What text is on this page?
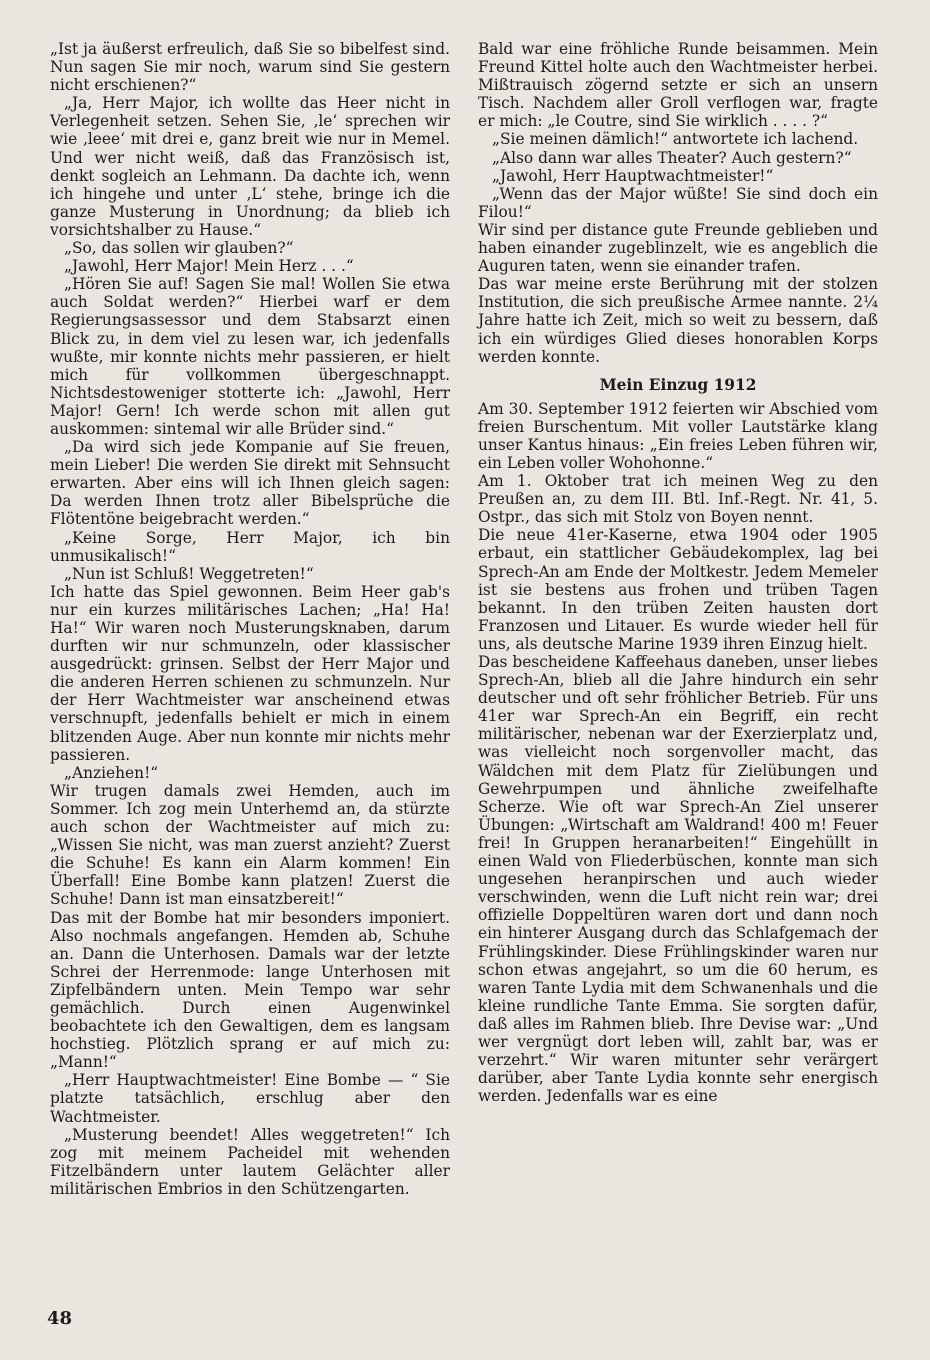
„Ist ja äußerst erfreulich, daß Sie so bibelfest sind. Nun sagen Sie mir noch, warum sind Sie gestern nicht erschienen?“

„Ja, Herr Major, ich wollte das Heer nicht in Verlegenheit setzen. Sehen Sie, ‚le‘ sprechen wir wie ‚leee‘ mit drei e, ganz breit wie nur in Memel. Und wer nicht weiß, daß das Französisch ist, denkt sogleich an Lehmann. Da dachte ich, wenn ich hingehe und unter ‚L‘ stehe, bringe ich die ganze Musterung in Unordnung; da blieb ich vorsichtshalber zu Hause.“

„So, das sollen wir glauben?“

„Jawohl, Herr Major! Mein Herz . . .“

„Hören Sie auf! Sagen Sie mal! Wollen Sie etwa auch Soldat werden?“ Hierbei warf er dem Regierungsassessor und dem Stabsarzt einen Blick zu, in dem viel zu lesen war, ich jedenfalls wußte, mir konnte nichts mehr passieren, er hielt mich für vollkommen übergeschnappt. Nichtsdestoweniger stotterte ich: „Jawohl, Herr Major! Gern! Ich werde schon mit allen gut auskommen: sintemal wir alle Brüder sind.“

„Da wird sich jede Kompanie auf Sie freuen, mein Lieber! Die werden Sie direkt mit Sehnsucht erwarten. Aber eins will ich Ihnen gleich sagen: Da werden Ihnen trotz aller Bibelsprüche die Flötentöne beigebracht werden.“

„Keine Sorge, Herr Major, ich bin unmusikalisch!“

„Nun ist Schluß! Weggetreten!“

Ich hatte das Spiel gewonnen. Beim Heer gab's nur ein kurzes militärisches Lachen; „Ha! Ha! Ha!“ Wir waren noch Musterungsknaben, darum durften wir nur schmunzeln, oder klassischer ausgedrückt: grinsen. Selbst der Herr Major und die anderen Herren schienen zu schmunzeln. Nur der Herr Wachtmeister war anscheinend etwas verschnupft, jedenfalls behielt er mich in einem blitzenden Auge. Aber nun konnte mir nichts mehr passieren.

„Anziehen!“

Wir trugen damals zwei Hemden, auch im Sommer. Ich zog mein Unterhemd an, da stürzte auch schon der Wachtmeister auf mich zu: „Wissen Sie nicht, was man zuerst anzieht? Zuerst die Schuhe! Es kann ein Alarm kommen! Ein Überfall! Eine Bombe kann platzen! Zuerst die Schuhe! Dann ist man einsatzbereit!“

Das mit der Bombe hat mir besonders imponiert. Also nochmals angefangen. Hemden ab, Schuhe an. Dann die Unterhosen. Damals war der letzte Schrei der Herrenmode: lange Unterhosen mit Zipfelbändern unten. Mein Tempo war sehr gemächlich. Durch einen Augenwinkel beobachtete ich den Gewaltigen, dem es langsam hochstieg. Plötzlich sprang er auf mich zu: „Mann!“

„Herr Hauptwachtmeister! Eine Bombe — “ Sie platzte tatsächlich, erschlug aber den Wachtmeister.

„Musterung beendet! Alles weggetreten!“ Ich zog mit meinem Pacheidel mit wehenden Fitzelbändern unter lautem Gelächter aller militärischen Embrios in den Schützengarten.

Bald war eine fröhliche Runde beisammen. Mein Freund Kittel holte auch den Wachtmeister herbei. Mißtrauisch zögernd setzte er sich an unsern Tisch. Nachdem aller Groll verflogen war, fragte er mich: „le Coutre, sind Sie wirklich . . . . ?“

„Sie meinen dämlich!“ antwortete ich lachend.

„Also dann war alles Theater? Auch gestern?“

„Jawohl, Herr Hauptwachtmeister!“

„Wenn das der Major wüßte! Sie sind doch ein Filou!“

Wir sind per distance gute Freunde geblieben und haben einander zugeblinzelt, wie es angeblich die Auguren taten, wenn sie einander trafen.

Das war meine erste Berührung mit der stolzen Institution, die sich preußische Armee nannte. 2¼ Jahre hatte ich Zeit, mich so weit zu bessern, daß ich ein würdiges Glied dieses honorablen Korps werden konnte.

Mein Einzug 1912

Am 30. September 1912 feierten wir Abschied vom freien Burschentum. Mit voller Lautstärke klang unser Kantus hinaus: „Ein freies Leben führen wir, ein Leben voller Wohohonne.“

Am 1. Oktober trat ich meinen Weg zu den Preußen an, zu dem III. Btl. Inf.-Regt. Nr. 41, 5. Ostpr., das sich mit Stolz von Boyen nennt.

Die neue 41er-Kaserne, etwa 1904 oder 1905 erbaut, ein stattlicher Gebäudekomplex, lag bei Sprech-An am Ende der Moltkestr. Jedem Memeler ist sie bestens aus frohen und trüben Tagen bekannt. In den trüben Zeiten hausten dort Franzosen und Litauer. Es wurde wieder hell für uns, als deutsche Marine 1939 ihren Einzug hielt.

Das bescheidene Kaffeehaus daneben, unser liebes Sprech-An, blieb all die Jahre hindurch ein sehr deutscher und oft sehr fröhlicher Betrieb. Für uns 41er war Sprech-An ein Begriff, ein recht militärischer, nebenan war der Exerzierplatz und, was vielleicht noch sorgenvoller macht, das Wäldchen mit dem Platz für Zielübungen und Gewehrpumpen und ähnliche zweifelhafte Scherze. Wie oft war Sprech-An Ziel unserer Übungen: „Wirtschaft am Waldrand! 400 m! Feuer frei! In Gruppen heranarbeiten!“ Eingehüllt in einen Wald von Fliederbüschen, konnte man sich ungesehen heranpirschen und auch wieder verschwinden, wenn die Luft nicht rein war; drei offizielle Doppeltüren waren dort und dann noch ein hinterer Ausgang durch das Schlafgemach der Frühlingskinder. Diese Frühlingskinder waren nur schon etwas angejahrt, so um die 60 herum, es waren Tante Lydia mit dem Schwanenhals und die kleine rundliche Tante Emma. Sie sorgten dafür, daß alles im Rahmen blieb. Ihre Devise war: „Und wer vergnügt dort leben will, zahlt bar, was er verzehrt.“ Wir waren mitunter sehr verärgert darüber, aber Tante Lydia konnte sehr energisch werden. Jedenfalls war es eine

48
